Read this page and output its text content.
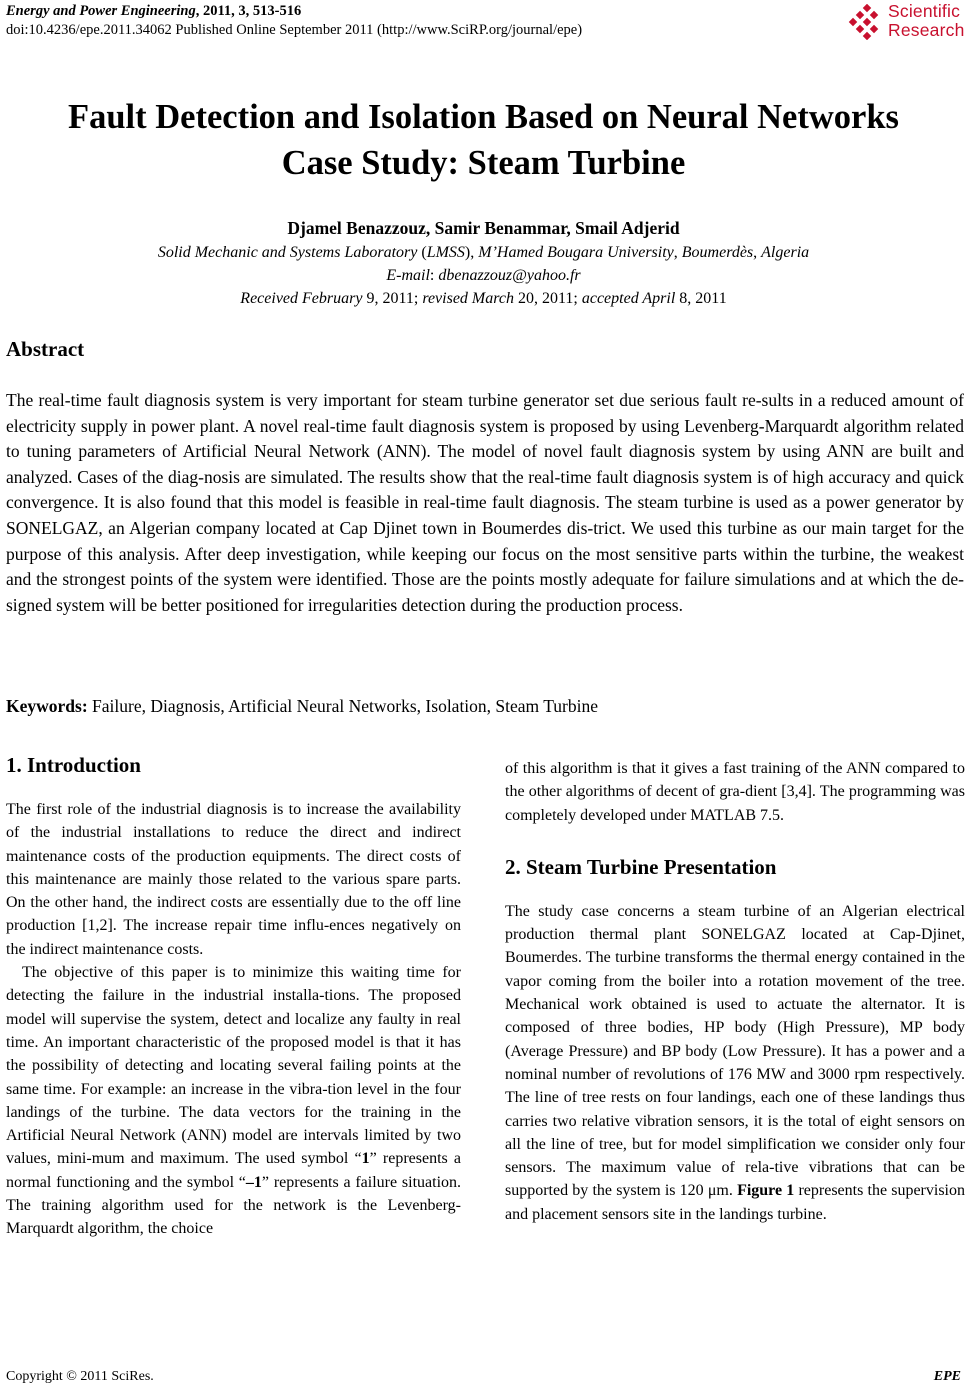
Energy and Power Engineering, 2011, 3, 513-516
doi:10.4236/epe.2011.34062 Published Online September 2011 (http://www.SciRP.org/journal/epe)
Scientific
Research
Fault Detection and Isolation Based on Neural Networks
Case Study: Steam Turbine
Djamel Benazzouz, Samir Benammar, Smail Adjerid
Solid Mechanic and Systems Laboratory (LMSS), M’Hamed Bougara University, Boumerdès, Algeria
E-mail: dbenazzouz@yahoo.fr
Received February 9, 2011; revised March 20, 2011; accepted April 8, 2011
Abstract

The real-time fault diagnosis system is very important for steam turbine generator set due serious fault re-sults in a reduced amount of electricity supply in power plant. A novel real-time fault diagnosis system is proposed by using Levenberg-Marquardt algorithm related to tuning parameters of Artificial Neural Network (ANN). The model of novel fault diagnosis system by using ANN are built and analyzed. Cases of the diag-nosis are simulated. The results show that the real-time fault diagnosis system is of high accuracy and quick convergence. It is also found that this model is feasible in real-time fault diagnosis. The steam turbine is used as a power generator by SONELGAZ, an Algerian company located at Cap Djinet town in Boumerdes dis-trict. We used this turbine as our main target for the purpose of this analysis. After deep investigation, while keeping our focus on the most sensitive parts within the turbine, the weakest and the strongest points of the system were identified. Those are the points mostly adequate for failure simulations and at which the de-signed system will be better positioned for irregularities detection during the production process.

Keywords: Failure, Diagnosis, Artificial Neural Networks, Isolation, Steam Turbine
1. Introduction

The first role of the industrial diagnosis is to increase the availability of the industrial installations to reduce the direct and indirect maintenance costs of the production equipments. The direct costs of this maintenance are mainly those related to the various spare parts. On the other hand, the indirect costs are essentially due to the off line production [1,2]. The increase repair time influ-ences negatively on the indirect maintenance costs.

The objective of this paper is to minimize this waiting time for detecting the failure in the industrial installa-tions. The proposed model will supervise the system, detect and localize any faulty in real time. An important characteristic of the proposed model is that it has the possibility of detecting and locating several failing points at the same time. For example: an increase in the vibra-tion level in the four landings of the turbine. The data vectors for the training in the Artificial Neural Network (ANN) model are intervals limited by two values, mini-mum and maximum. The used symbol “1” represents a normal functioning and the symbol “–1” represents a failure situation. The training algorithm used for the network is the Levenberg-Marquardt algorithm, the choice

of this algorithm is that it gives a fast training of the ANN compared to the other algorithms of decent of gra-dient [3,4]. The programming was completely developed under MATLAB 7.5.

2. Steam Turbine Presentation

The study case concerns a steam turbine of an Algerian electrical production thermal plant SONELGAZ located at Cap-Djinet, Boumerdes. The turbine transforms the thermal energy contained in the vapor coming from the boiler into a rotation movement of the tree. Mechanical work obtained is used to actuate the alternator. It is composed of three bodies, HP body (High Pressure), MP body (Average Pressure) and BP body (Low Pressure). It has a power and a nominal number of revolutions of 176 MW and 3000 rpm respectively. The line of tree rests on four landings, each one of these landings thus carries two relative vibration sensors, it is the total of eight sensors on all the line of tree, but for model simplification we consider only four sensors. The maximum value of rela-tive vibrations that can be supported by the system is 120 μm. Figure 1 represents the supervision and placement sensors site in the landings turbine.

Copyright © 2011 SciRes.	EPE
